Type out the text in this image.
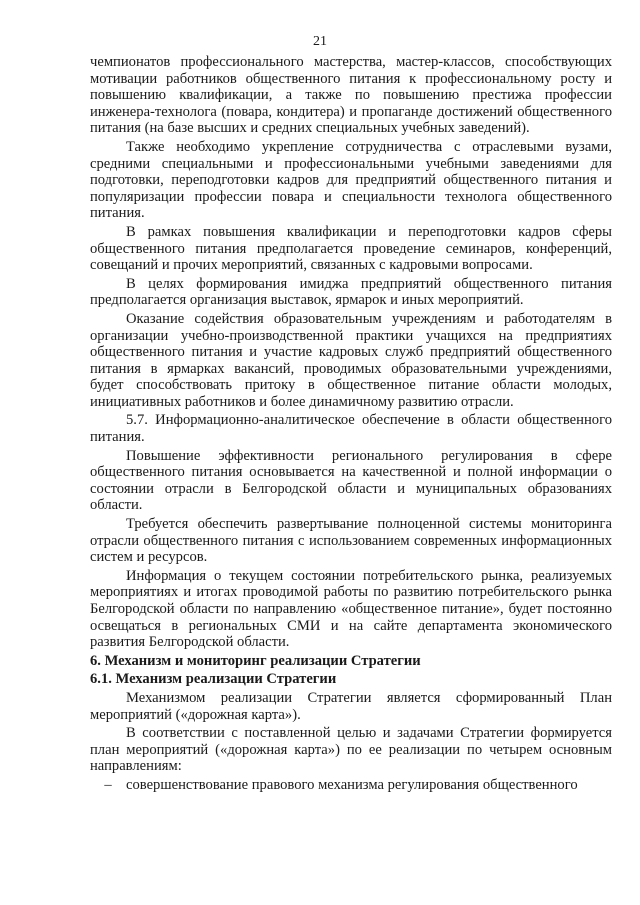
21

чемпионатов профессионального мастерства, мастер-классов, способствующих мотивации работников общественного питания к профессиональному росту и повышению квалификации, а также по повышению престижа профессии инженера-технолога (повара, кондитера) и пропаганде достижений общественного питания (на базе высших и средних специальных учебных заведений).

Также необходимо укрепление сотрудничества с отраслевыми вузами, средними специальными и профессиональными учебными заведениями для подготовки, переподготовки кадров для предприятий общественного питания и популяризации профессии повара и специальности технолога общественного питания.

В рамках повышения квалификации и переподготовки кадров сферы общественного питания предполагается проведение семинаров, конференций, совещаний и прочих мероприятий, связанных с кадровыми вопросами.

В целях формирования имиджа предприятий общественного питания предполагается организация выставок, ярмарок и иных мероприятий.

Оказание содействия образовательным учреждениям и работодателям в организации учебно-производственной практики учащихся на предприятиях общественного питания и участие кадровых служб предприятий общественного питания в ярмарках вакансий, проводимых образовательными учреждениями, будет способствовать притоку в общественное питание области молодых, инициативных работников и более динамичному развитию отрасли.

5.7. Информационно-аналитическое обеспечение в области общественного питания.

Повышение эффективности регионального регулирования в сфере общественного питания основывается на качественной и полной информации о состоянии отрасли в Белгородской области и муниципальных образованиях области.

Требуется обеспечить развертывание полноценной системы мониторинга отрасли общественного питания с использованием современных информационных систем и ресурсов.

Информация о текущем состоянии потребительского рынка, реализуемых мероприятиях и итогах проводимой работы по развитию потребительского рынка Белгородской области по направлению «общественное питание», будет постоянно освещаться в региональных СМИ и на сайте департамента экономического развития Белгородской области.

6. Механизм и мониторинг реализации Стратегии

6.1. Механизм реализации Стратегии

Механизмом реализации Стратегии является сформированный План мероприятий («дорожная карта»).

В соответствии с поставленной целью и задачами Стратегии формируется план мероприятий («дорожная карта») по ее реализации по четырем основным направлениям:

– совершенствование правового механизма регулирования общественного
